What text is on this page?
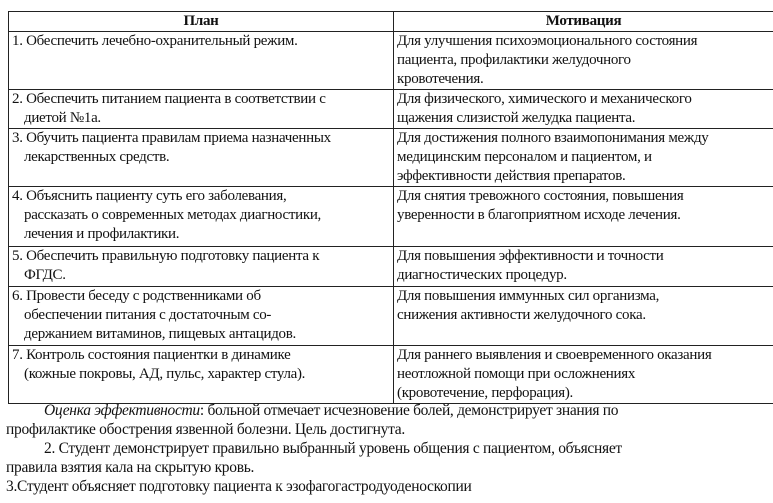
План	Мотивация

1. Обеспечить лечебно-охранительный режим.	Для улучшения психоэмоционального состояния
пациента, профилактики желудочного
кровотечения.

2. Обеспечить питанием пациента в соответствии с
диетой №1а.	Для физического, химического и механического
щажения слизистой желудка пациента.

3. Обучить пациента правилам приема назначенных
лекарственных средств.	Для достижения полного взаимопонимания между
медицинским персоналом и пациентом, и
эффективности действия препаратов.

4. Объяснить пациенту суть его заболевания,
рассказать о современных методах диагностики,
лечения и профилактики.	Для снятия тревожного состояния, повышения
уверенности в благоприятном исходе лечения.

5. Обеспечить правильную подготовку пациента к
ФГДС.	Для повышения эффективности и точности
диагностических процедур.

6. Провести беседу с родственниками об
обеспечении питания с достаточным со-
держанием витаминов, пищевых антацидов.	Для повышения иммунных сил организма,
снижения активности желудочного сока.

7. Контроль состояния пациентки в динамике
(кожные покровы, АД, пульс, характер стула).	Для раннего выявления и своевременного оказания
неотложной помощи при осложнениях
(кровотечение, перфорация).
Оценка эффективности: больной отмечает исчезновение болей, демонстрирует знания по
профилактике обострения язвенной болезни. Цель достигнута.
2. Студент демонстрирует правильно выбранный уровень общения с пациентом, объясняет
правила взятия кала на скрытую кровь.
3.Студент объясняет подготовку пациента к эзофагогастродуоденоскопии
